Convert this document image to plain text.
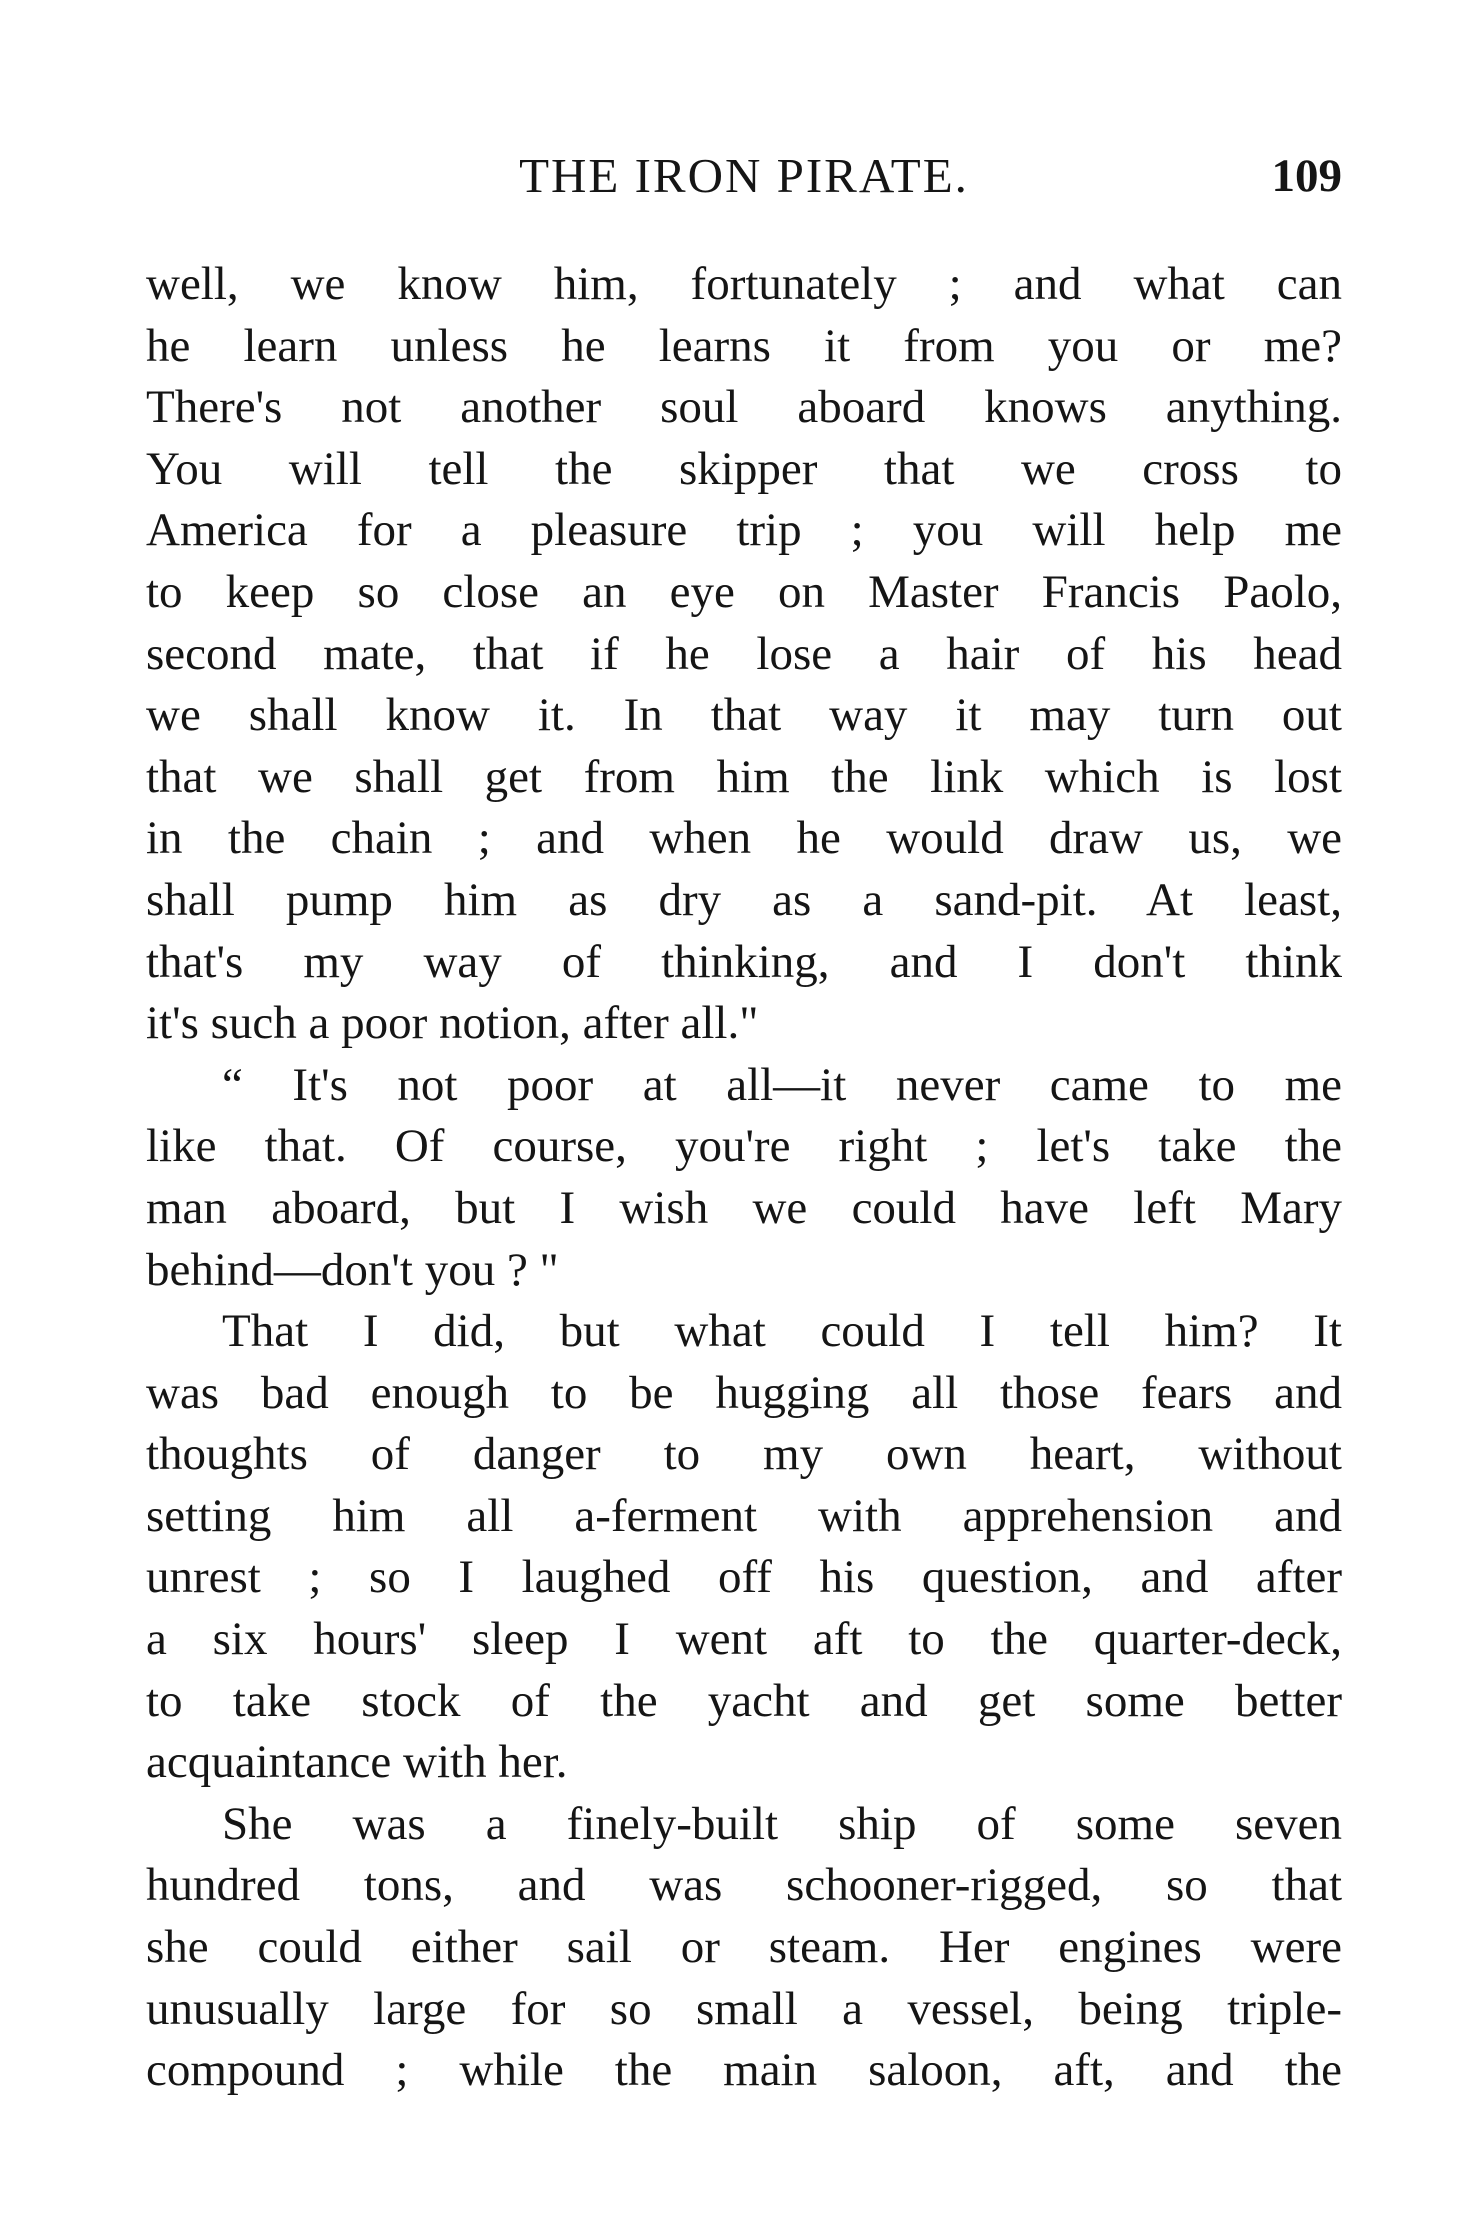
THE IRON PIRATE.	109
well, we know him, fortunately ; and what can
he learn unless he learns it from you or me?
There's not another soul aboard knows anything.
You will tell the skipper that we cross to
America for a pleasure trip ; you will help me
to keep so close an eye on Master Francis Paolo,
second mate, that if he lose a hair of his head
we shall know it. In that way it may turn out
that we shall get from him the link which is lost
in the chain ; and when he would draw us, we
shall pump him as dry as a sand-pit. At least,
that's my way of thinking, and I don't think
it's such a poor notion, after all."
“ It's not poor at all—it never came to me
like that. Of course, you're right ; let's take the
man aboard, but I wish we could have left Mary
behind—don't you ? "
That I did, but what could I tell him? It
was bad enough to be hugging all those fears and
thoughts of danger to my own heart, without
setting him all a-ferment with apprehension and
unrest ; so I laughed off his question, and after
a six hours' sleep I went aft to the quarter-deck,
to take stock of the yacht and get some better
acquaintance with her.
She was a finely-built ship of some seven
hundred tons, and was schooner-rigged, so that
she could either sail or steam. Her engines were
unusually large for so small a vessel, being triple-
compound ; while the main saloon, aft, and the
